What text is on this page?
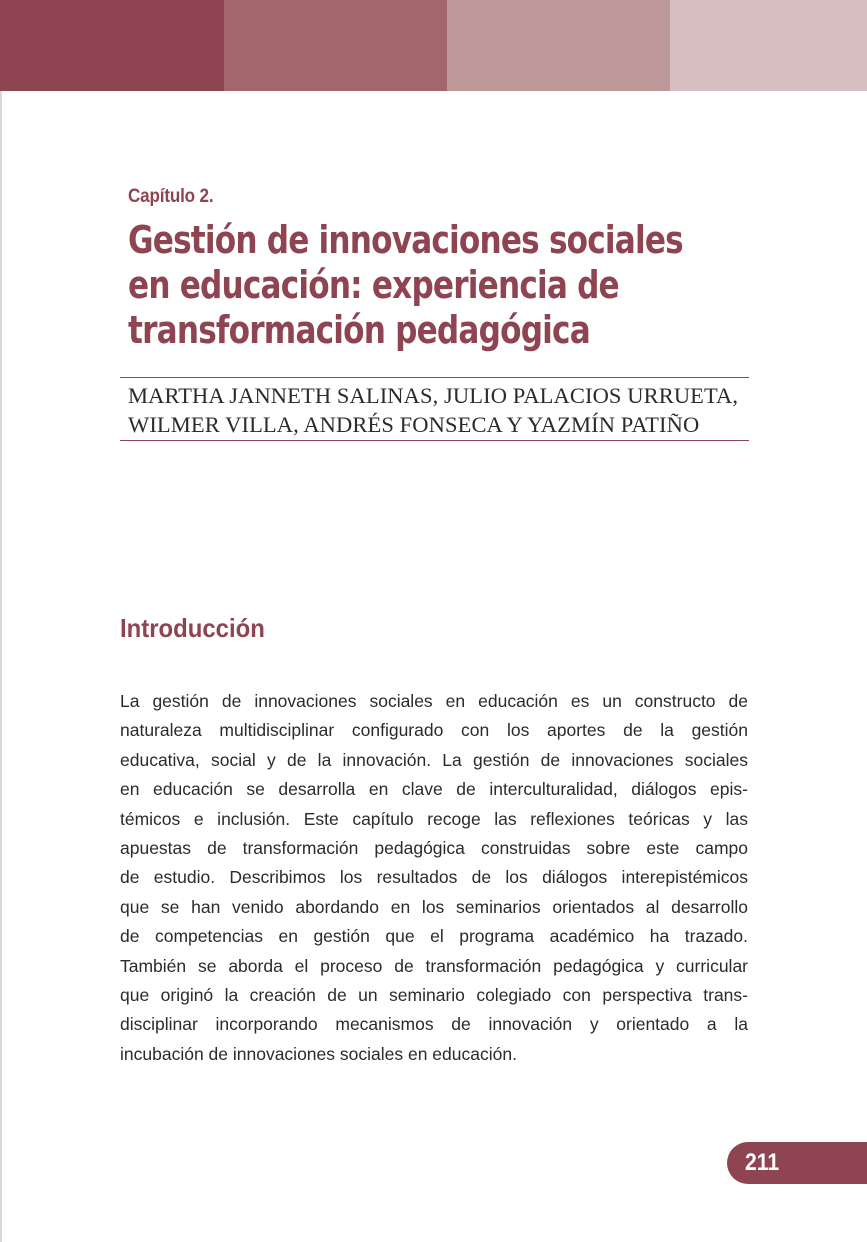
Capítulo 2.
Gestión de innovaciones sociales
en educación: experiencia de
transformación pedagógica
MARTHA JANNETH SALINAS, JULIO PALACIOS URRUETA,
WILMER VILLA, ANDRÉS FONSECA Y YAZMÍN PATIÑO
Introducción
La gestión de innovaciones sociales en educación es un constructo de
naturaleza multidisciplinar configurado con los aportes de la gestión
educativa, social y de la innovación. La gestión de innovaciones sociales
en educación se desarrolla en clave de interculturalidad, diálogos epis-
témicos e inclusión. Este capítulo recoge las reflexiones teóricas y las
apuestas de transformación pedagógica construidas sobre este campo
de estudio. Describimos los resultados de los diálogos interepistémicos
que se han venido abordando en los seminarios orientados al desarrollo
de competencias en gestión que el programa académico ha trazado.
También se aborda el proceso de transformación pedagógica y curricular
que originó la creación de un seminario colegiado con perspectiva trans-
disciplinar incorporando mecanismos de innovación y orientado a la
incubación de innovaciones sociales en educación.
211
